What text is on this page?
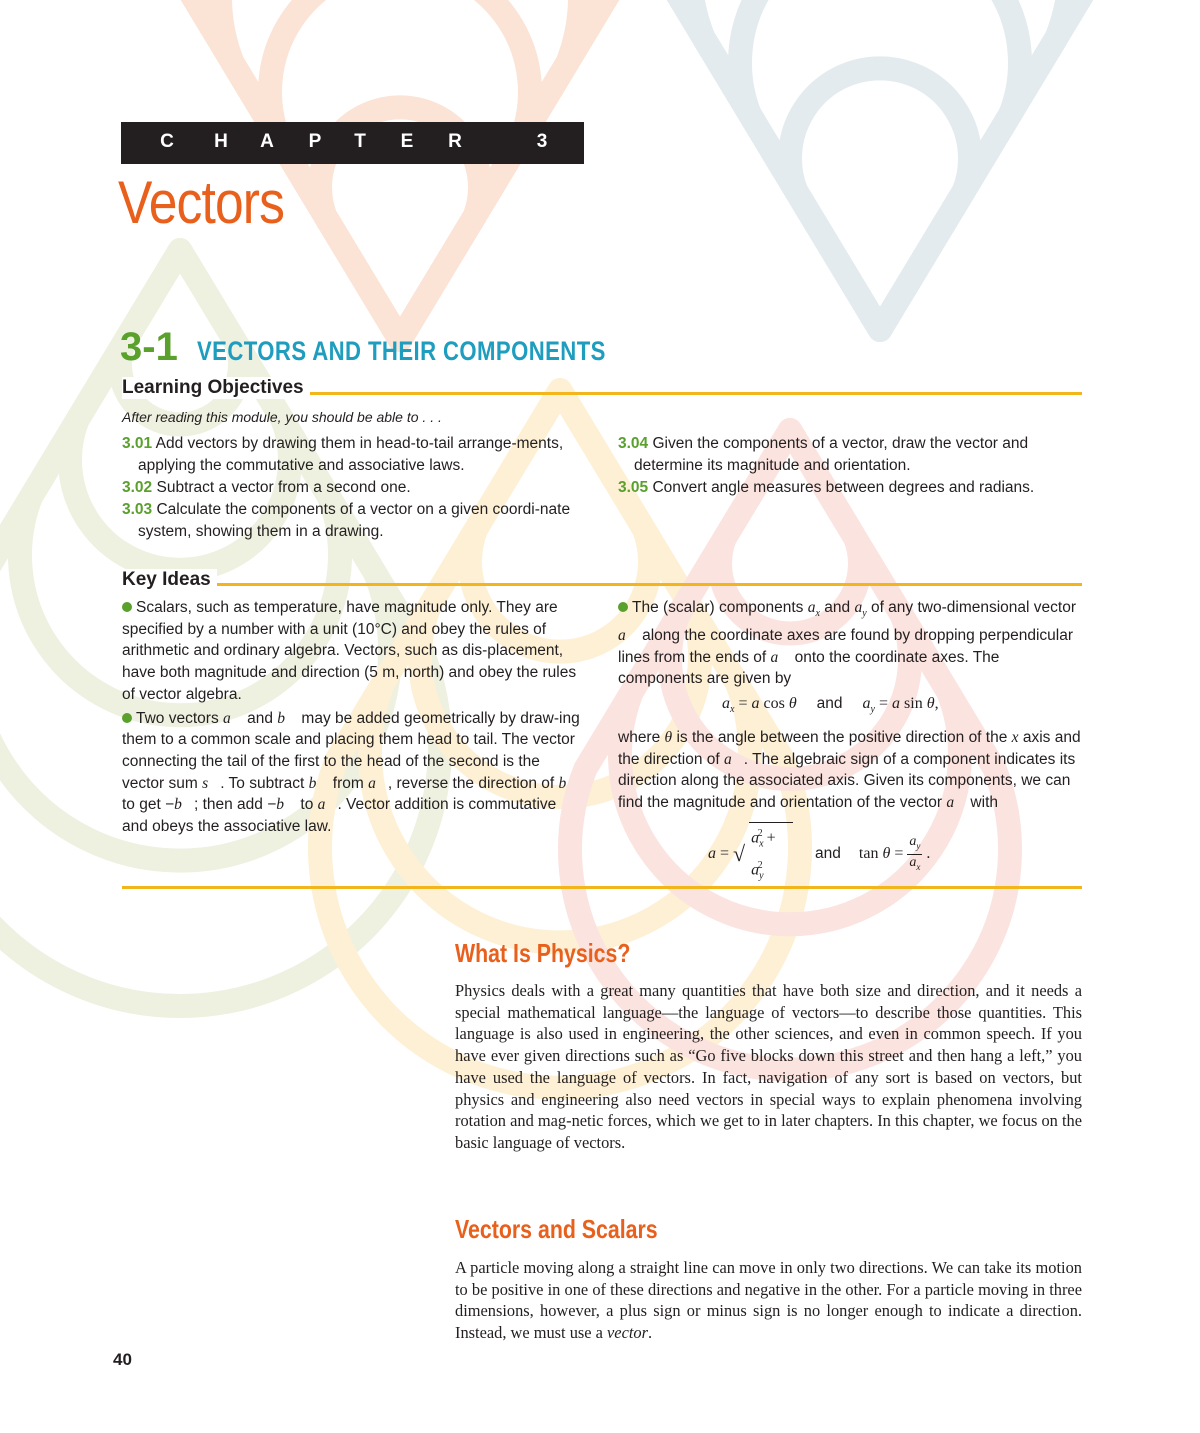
C H A P T E R	3
Vectors
3-1 VECTORS AND THEIR COMPONENTS
Learning Objectives
After reading this module, you should be able to . . .
3.01 Add vectors by drawing them in head-to-tail arrange-ments, applying the commutative and associative laws.
3.02 Subtract a vector from a second one.
3.03 Calculate the components of a vector on a given coordi-nate system, showing them in a drawing.
3.04 Given the components of a vector, draw the vector and determine its magnitude and orientation.
3.05 Convert angle measures between degrees and radians.
Key Ideas
Scalars, such as temperature, have magnitude only. They are specified by a number with a unit (10°C) and obey the rules of arithmetic and ordinary algebra. Vectors, such as dis-placement, have both magnitude and direction (5 m, north) and obey the rules of vector algebra.
Two vectors a⃗ and b⃗ may be added geometrically by draw-ing them to a common scale and placing them head to tail. The vector connecting the tail of the first to the head of the second is the vector sum s⃗. To subtract b⃗ from a⃗, reverse the direction of b⃗ to get −b⃗; then add −b⃗ to a⃗. Vector addition is commutative and obeys the associative law.
The (scalar) components $a_x$ and $a_y$ of any two-dimensional vector a⃗ along the coordinate axes are found by dropping perpendicular lines from the ends of a⃗ onto the coordinate axes. The components are given by
$a_x = a$ cos θ and $a_y = a$ sin θ,
where θ is the angle between the positive direction of the x axis and the direction of a⃗. The algebraic sign of a component indicates its direction along the associated axis. Given its components, we can find the magnitude and orientation of the vector a⃗ with
a = √
$a_x^2 + a_y^2$
and tan θ =
$a_y$
$a_x$
.
What Is Physics?
Physics deals with a great many quantities that have both size and direction, and it needs a special mathematical language—the language of vectors—to describe those quantities. This language is also used in engineering, the other sciences, and even in common speech. If you have ever given directions such as “Go five blocks down this street and then hang a left,” you have used the language of vectors. In fact, navigation of any sort is based on vectors, but physics and engineering also need vectors in special ways to explain phenomena involving rotation and mag-netic forces, which we get to in later chapters. In this chapter, we focus on the basic language of vectors.
Vectors and Scalars
A particle moving along a straight line can move in only two directions. We can take its motion to be positive in one of these directions and negative in the other. For a particle moving in three dimensions, however, a plus sign or minus sign is no longer enough to indicate a direction. Instead, we must use a vector.
40
